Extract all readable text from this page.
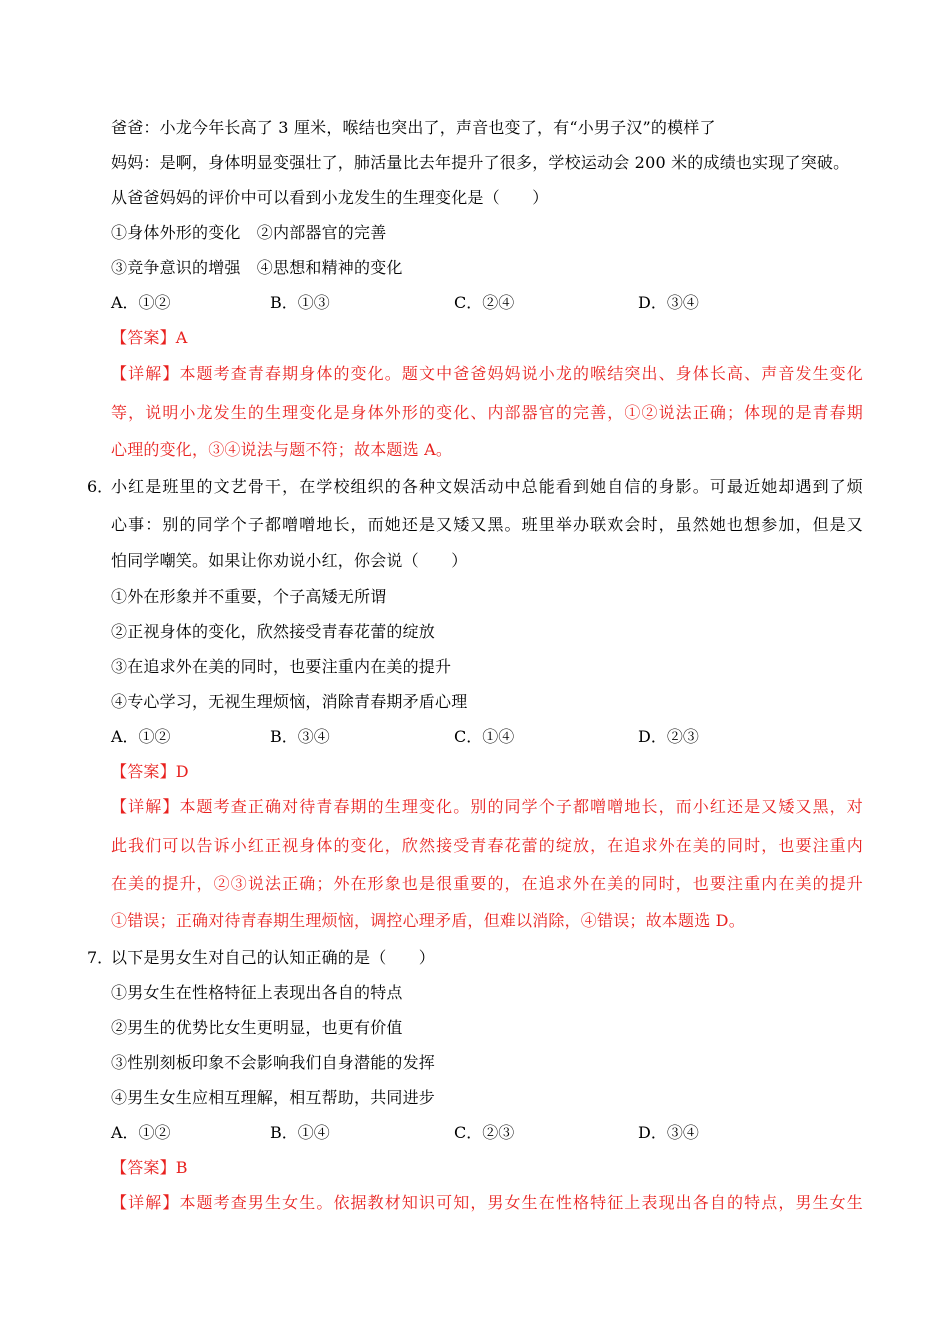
爸爸：小龙今年长高了 3 厘米，喉结也突出了，声音也变了，有“小男子汉”的模样了
妈妈：是啊，身体明显变强壮了，肺活量比去年提升了很多，学校运动会 200 米的成绩也实现了突破。
从爸爸妈妈的评价中可以看到小龙发生的生理变化是（　　）
①身体外形的变化　②内部器官的完善
③竞争意识的增强　④思想和精神的变化
A．①②	B．①③	C．②④	D．③④
【答案】A
【详解】本题考查青春期身体的变化。题文中爸爸妈妈说小龙的喉结突出、身体长高、声音发生变化
等，说明小龙发生的生理变化是身体外形的变化、内部器官的完善，①②说法正确；体现的是青春期
心理的变化，③④说法与题不符；故本题选 A。
6．
小红是班里的文艺骨干，在学校组织的各种文娱活动中总能看到她自信的身影。可最近她却遇到了烦
心事：别的同学个子都噌噌地长，而她还是又矮又黑。班里举办联欢会时，虽然她也想参加，但是又
怕同学嘲笑。如果让你劝说小红，你会说（　　）
①外在形象并不重要，个子高矮无所谓
②正视身体的变化，欣然接受青春花蕾的绽放
③在追求外在美的同时，也要注重内在美的提升
④专心学习，无视生理烦恼，消除青春期矛盾心理
A．①②	B．③④	C．①④	D．②③
【答案】D
【详解】本题考查正确对待青春期的生理变化。别的同学个子都噌噌地长，而小红还是又矮又黑，对
此我们可以告诉小红正视身体的变化，欣然接受青春花蕾的绽放，在追求外在美的同时，也要注重内
在美的提升，②③说法正确；外在形象也是很重要的，在追求外在美的同时，也要注重内在美的提升
①错误；正确对待青春期生理烦恼，调控心理矛盾，但难以消除，④错误；故本题选 D。
7．
以下是男女生对自己的认知正确的是（　　）
①男女生在性格特征上表现出各自的特点
②男生的优势比女生更明显，也更有价值
③性别刻板印象不会影响我们自身潜能的发挥
④男生女生应相互理解，相互帮助，共同进步
A．①②	B．①④	C．②③	D．③④
【答案】B
【详解】本题考查男生女生。依据教材知识可知，男女生在性格特征上表现出各自的特点，男生女生
